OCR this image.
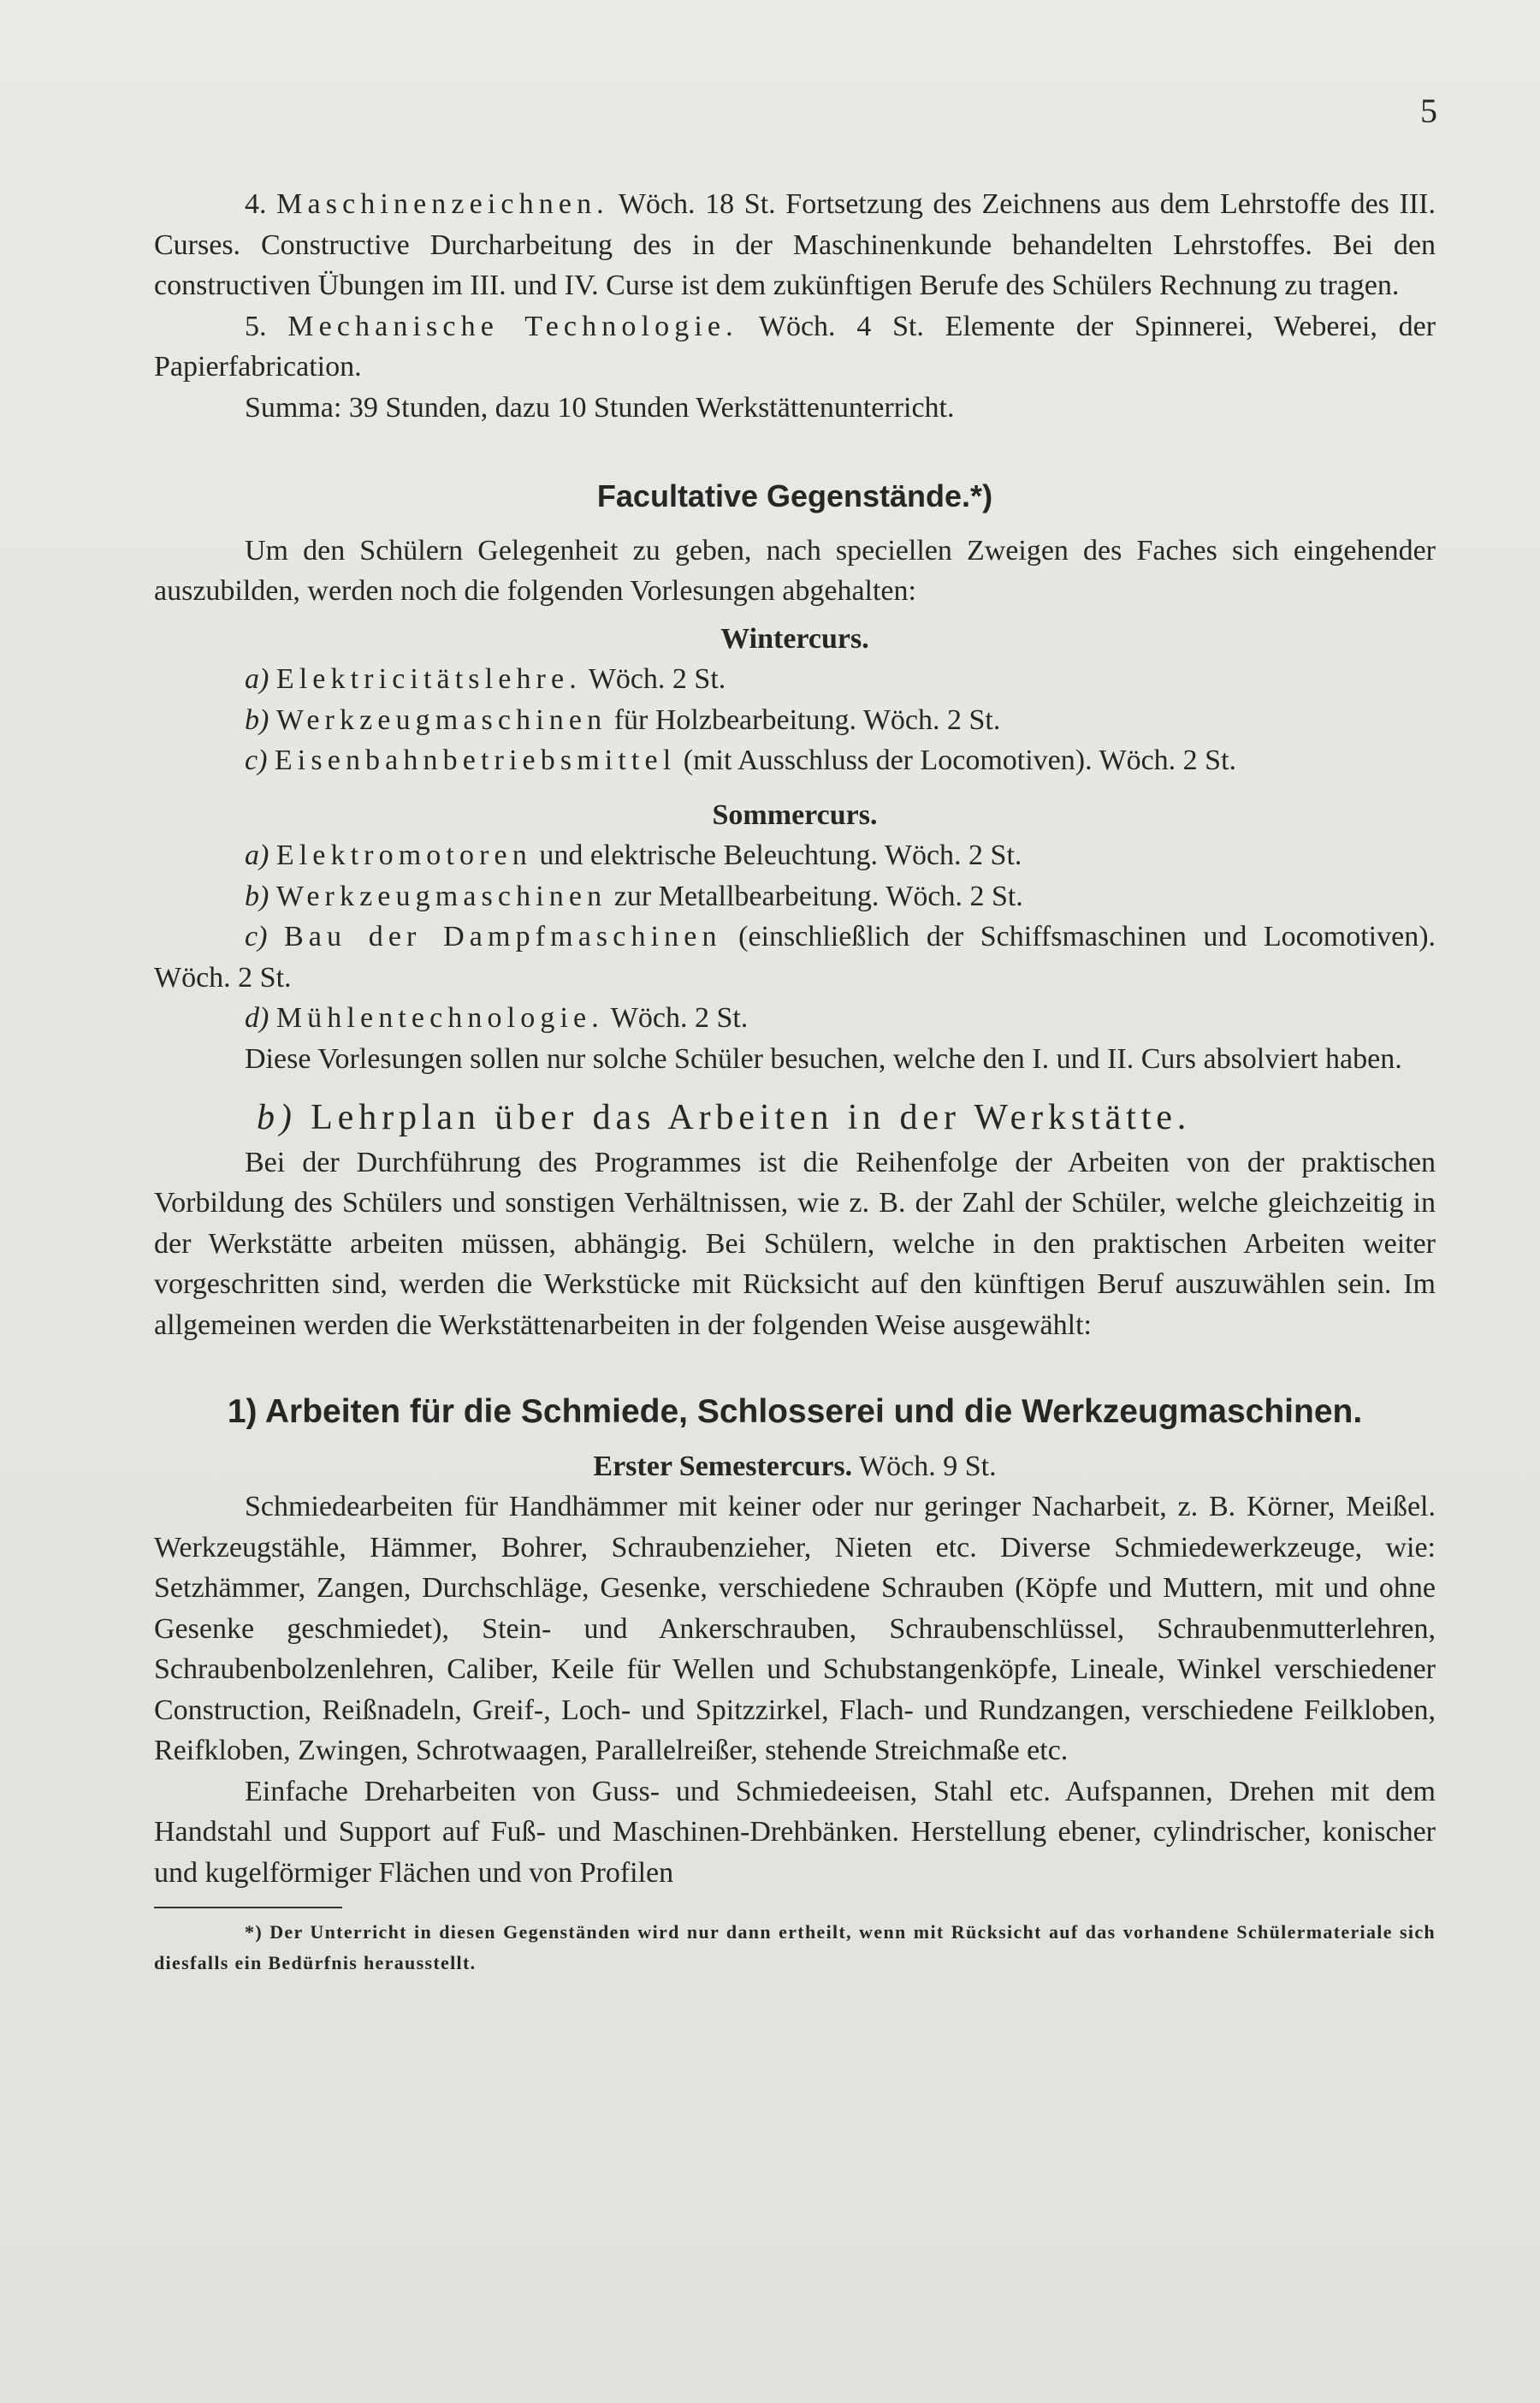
5

4. Maschinenzeichnen. Wöch. 18 St. Fortsetzung des Zeichnens aus dem Lehrstoffe des III. Curses. Constructive Durcharbeitung des in der Maschinenkunde behandelten Lehrstoffes. Bei den constructiven Übungen im III. und IV. Curse ist dem zukünftigen Berufe des Schülers Rechnung zu tragen.

5. Mechanische Technologie. Wöch. 4 St. Elemente der Spinnerei, Weberei, der Papierfabrication.

Summa: 39 Stunden, dazu 10 Stunden Werkstättenunterricht.

Facultative Gegenstände.*)

Um den Schülern Gelegenheit zu geben, nach speciellen Zweigen des Faches sich eingehender auszubilden, werden noch die folgenden Vorlesungen abgehalten:

Wintercurs.

a) Elektricitätslehre. Wöch. 2 St.

b) Werkzeugmaschinen für Holzbearbeitung. Wöch. 2 St.

c) Eisenbahnbetriebsmittel (mit Ausschluss der Locomotiven). Wöch. 2 St.

Sommercurs.

a) Elektromotoren und elektrische Beleuchtung. Wöch. 2 St.

b) Werkzeugmaschinen zur Metallbearbeitung. Wöch. 2 St.

c) Bau der Dampfmaschinen (einschließlich der Schiffsmaschinen und Locomotiven). Wöch. 2 St.

d) Mühlentechnologie. Wöch. 2 St.

Diese Vorlesungen sollen nur solche Schüler besuchen, welche den I. und II. Curs absolviert haben.

b) Lehrplan über das Arbeiten in der Werkstätte.

Bei der Durchführung des Programmes ist die Reihenfolge der Arbeiten von der praktischen Vorbildung des Schülers und sonstigen Verhältnissen, wie z. B. der Zahl der Schüler, welche gleichzeitig in der Werkstätte arbeiten müssen, abhängig. Bei Schülern, welche in den praktischen Arbeiten weiter vorgeschritten sind, werden die Werkstücke mit Rücksicht auf den künftigen Beruf auszuwählen sein. Im allgemeinen werden die Werkstättenarbeiten in der folgenden Weise ausgewählt:

1) Arbeiten für die Schmiede, Schlosserei und die Werkzeugmaschinen.
Erster Semestercurs. Wöch. 9 St.

Schmiedearbeiten für Handhämmer mit keiner oder nur geringer Nacharbeit, z. B. Körner, Meißel. Werkzeugstähle, Hämmer, Bohrer, Schraubenzieher, Nieten etc. Diverse Schmiedewerkzeuge, wie: Setzhämmer, Zangen, Durchschläge, Gesenke, verschiedene Schrauben (Köpfe und Muttern, mit und ohne Gesenke geschmiedet), Stein- und Ankerschrauben, Schraubenschlüssel, Schraubenmutterlehren, Schraubenbolzenlehren, Caliber, Keile für Wellen und Schubstangenköpfe, Lineale, Winkel verschiedener Construction, Reißnadeln, Greif-, Loch- und Spitzzirkel, Flach- und Rundzangen, verschiedene Feilkloben, Reifkloben, Zwingen, Schrotwaagen, Parallelreißer, stehende Streichmaße etc.

Einfache Dreharbeiten von Guss- und Schmiedeeisen, Stahl etc. Aufspannen, Drehen mit dem Handstahl und Support auf Fuß- und Maschinen-Drehbänken. Herstellung ebener, cylindrischer, konischer und kugelförmiger Flächen und von Profilen

*) Der Unterricht in diesen Gegenständen wird nur dann ertheilt, wenn mit Rücksicht auf das vorhandene Schülermateriale sich diesfalls ein Bedürfnis herausstellt.
